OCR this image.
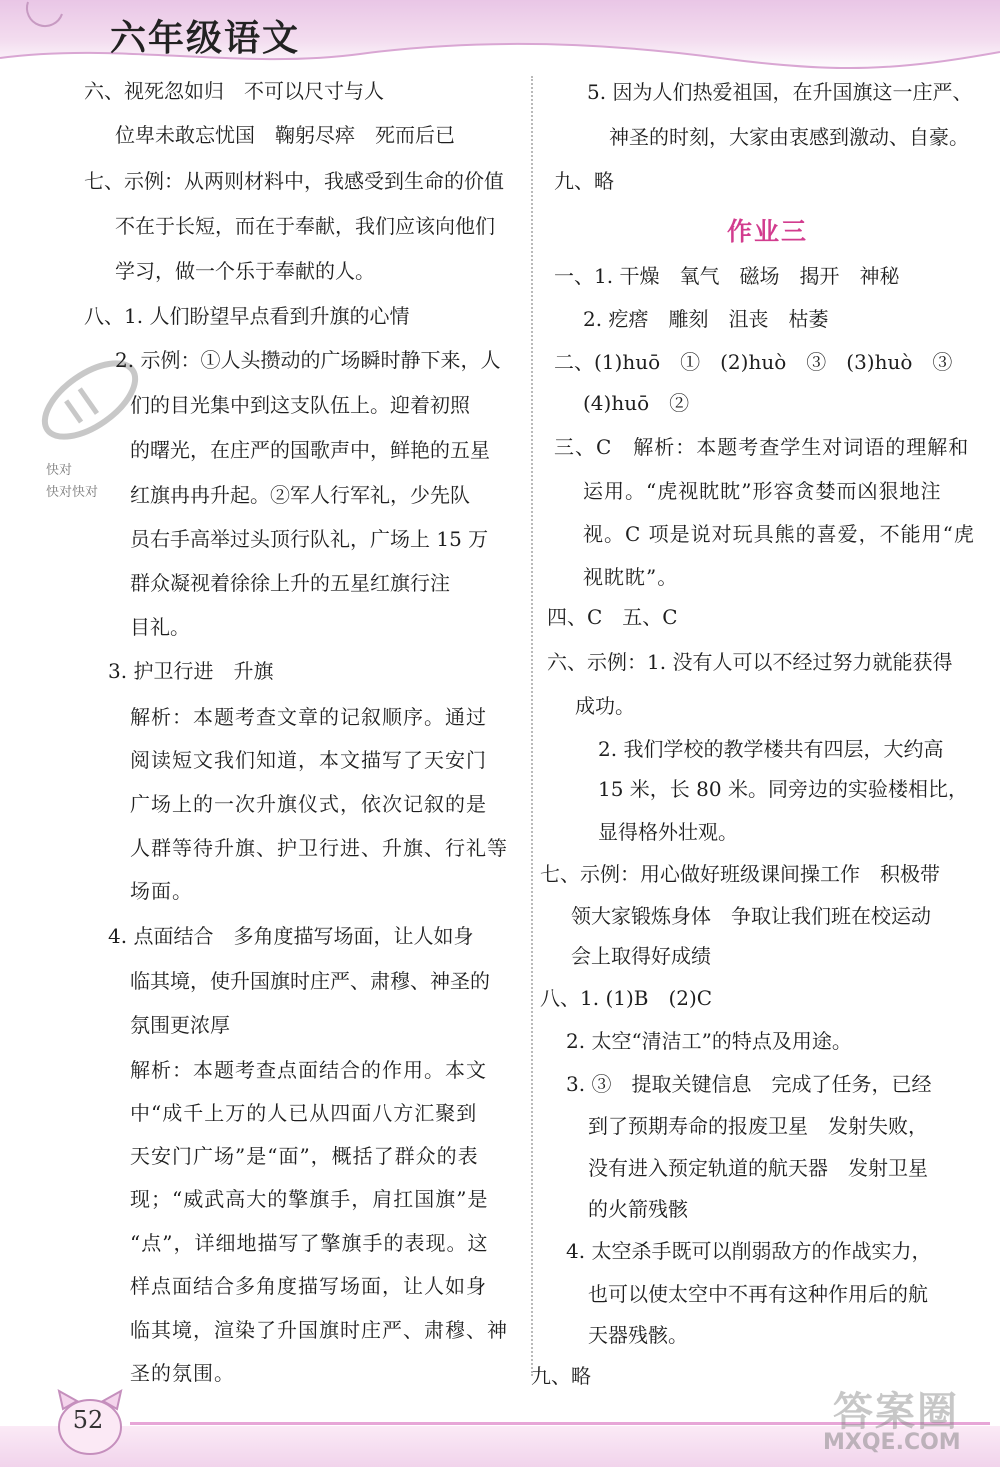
六年级语文
快对
快对快对
六、视死忽如归　不可以尺寸与人
位卑未敢忘忧国　鞠躬尽瘁　死而后已
七、示例：从两则材料中，我感受到生命的价值
不在于长短，而在于奉献，我们应该向他们
学习，做一个乐于奉献的人。
八、1. 人们盼望早点看到升旗的心情
2. 示例：①人头攒动的广场瞬时静下来，人
们的目光集中到这支队伍上。迎着初照
的曙光，在庄严的国歌声中，鲜艳的五星
红旗冉冉升起。②军人行军礼，少先队
员右手高举过头顶行队礼，广场上 15 万
群众凝视着徐徐上升的五星红旗行注
目礼。
3. 护卫行进　升旗
解析：本题考查文章的记叙顺序。通过
阅读短文我们知道，本文描写了天安门
广场上的一次升旗仪式，依次记叙的是
人群等待升旗、护卫行进、升旗、行礼等
场面。
4. 点面结合　多角度描写场面，让人如身
临其境，使升国旗时庄严、肃穆、神圣的
氛围更浓厚
解析：本题考查点面结合的作用。本文
中“成千上万的人已从四面八方汇聚到
天安门广场”是“面”，概括了群众的表
现；“威武高大的擎旗手，肩扛国旗”是
“点”，详细地描写了擎旗手的表现。这
样点面结合多角度描写场面，让人如身
临其境，渲染了升国旗时庄严、肃穆、神
圣的氛围。
5. 因为人们热爱祖国，在升国旗这一庄严、
神圣的时刻，大家由衷感到激动、自豪。
九、略
作业三
一、1. 干燥　氧气　磁场　揭开　神秘
2. 疙瘩　雕刻　沮丧　枯萎
二、(1)huō　①　(2)huò　③　(3)huò　③
(4)huō　②
三、C　解析：本题考查学生对词语的理解和
运用。“虎视眈眈”形容贪婪而凶狠地注
视。C 项是说对玩具熊的喜爱，不能用“虎
视眈眈”。
四、C　五、C
六、示例：1. 没有人可以不经过努力就能获得
成功。
2. 我们学校的教学楼共有四层，大约高
15 米，长 80 米。同旁边的实验楼相比，
显得格外壮观。
七、示例：用心做好班级课间操工作　积极带
领大家锻炼身体　争取让我们班在校运动
会上取得好成绩
八、1. (1)B　(2)C
2. 太空“清洁工”的特点及用途。
3. ③　提取关键信息　完成了任务，已经
到了预期寿命的报废卫星　发射失败，
没有进入预定轨道的航天器　发射卫星
的火箭残骸
4. 太空杀手既可以削弱敌方的作战实力，
也可以使太空中不再有这种作用后的航
天器残骸。
九、略
52	答案圈
MXQE.COM
